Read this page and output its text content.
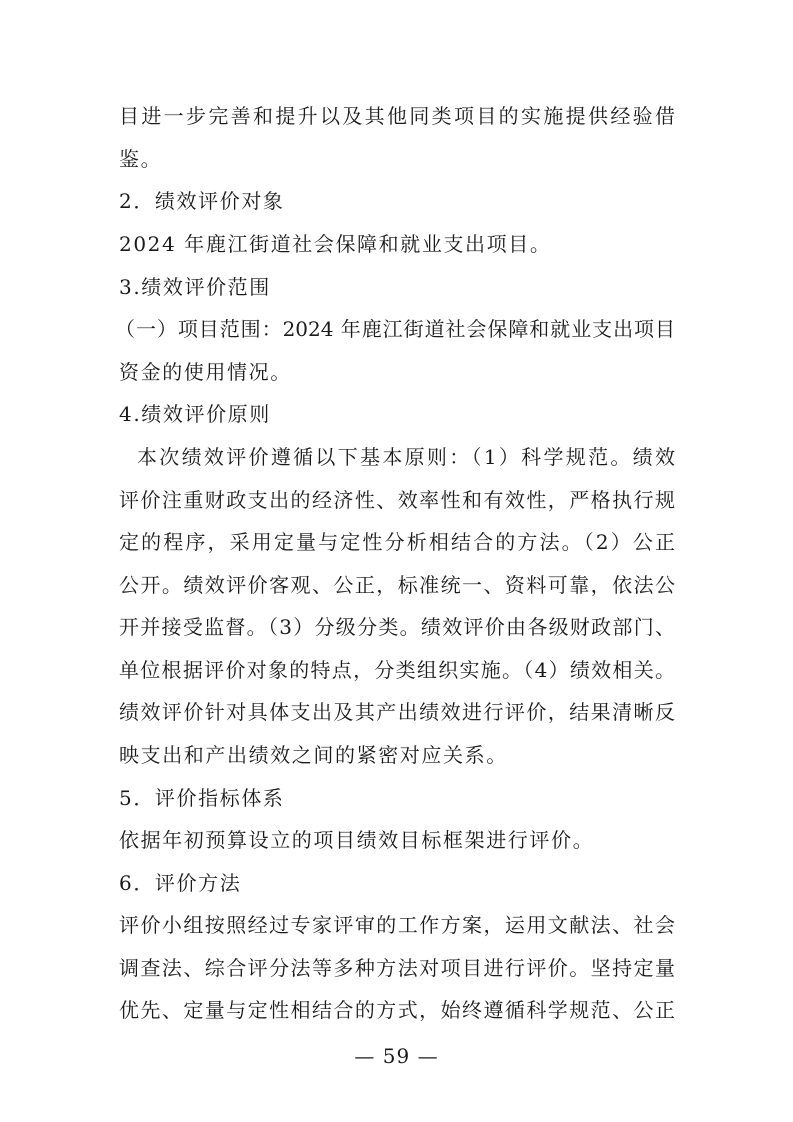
目进一步完善和提升以及其他同类项目的实施提供经验借
鉴。
2．绩效评价对象
2024 年鹿江街道社会保障和就业支出项目。
3.绩效评价范围
（一）项目范围：2024 年鹿江街道社会保障和就业支出项目
资金的使用情况。
4.绩效评价原则
本次绩效评价遵循以下基本原则：（1）科学规范。绩效
评价注重财政支出的经济性、效率性和有效性，严格执行规
定的程序，采用定量与定性分析相结合的方法。（2）公正
公开。绩效评价客观、公正，标准统一、资料可靠，依法公
开并接受监督。（3）分级分类。绩效评价由各级财政部门、
单位根据评价对象的特点，分类组织实施。（4）绩效相关。
绩效评价针对具体支出及其产出绩效进行评价，结果清晰反
映支出和产出绩效之间的紧密对应关系。
5．评价指标体系
依据年初预算设立的项目绩效目标框架进行评价。
6．评价方法
评价小组按照经过专家评审的工作方案，运用文献法、社会
调查法、综合评分法等多种方法对项目进行评价。坚持定量
优先、定量与定性相结合的方式，始终遵循科学规范、公正
— 59 —
